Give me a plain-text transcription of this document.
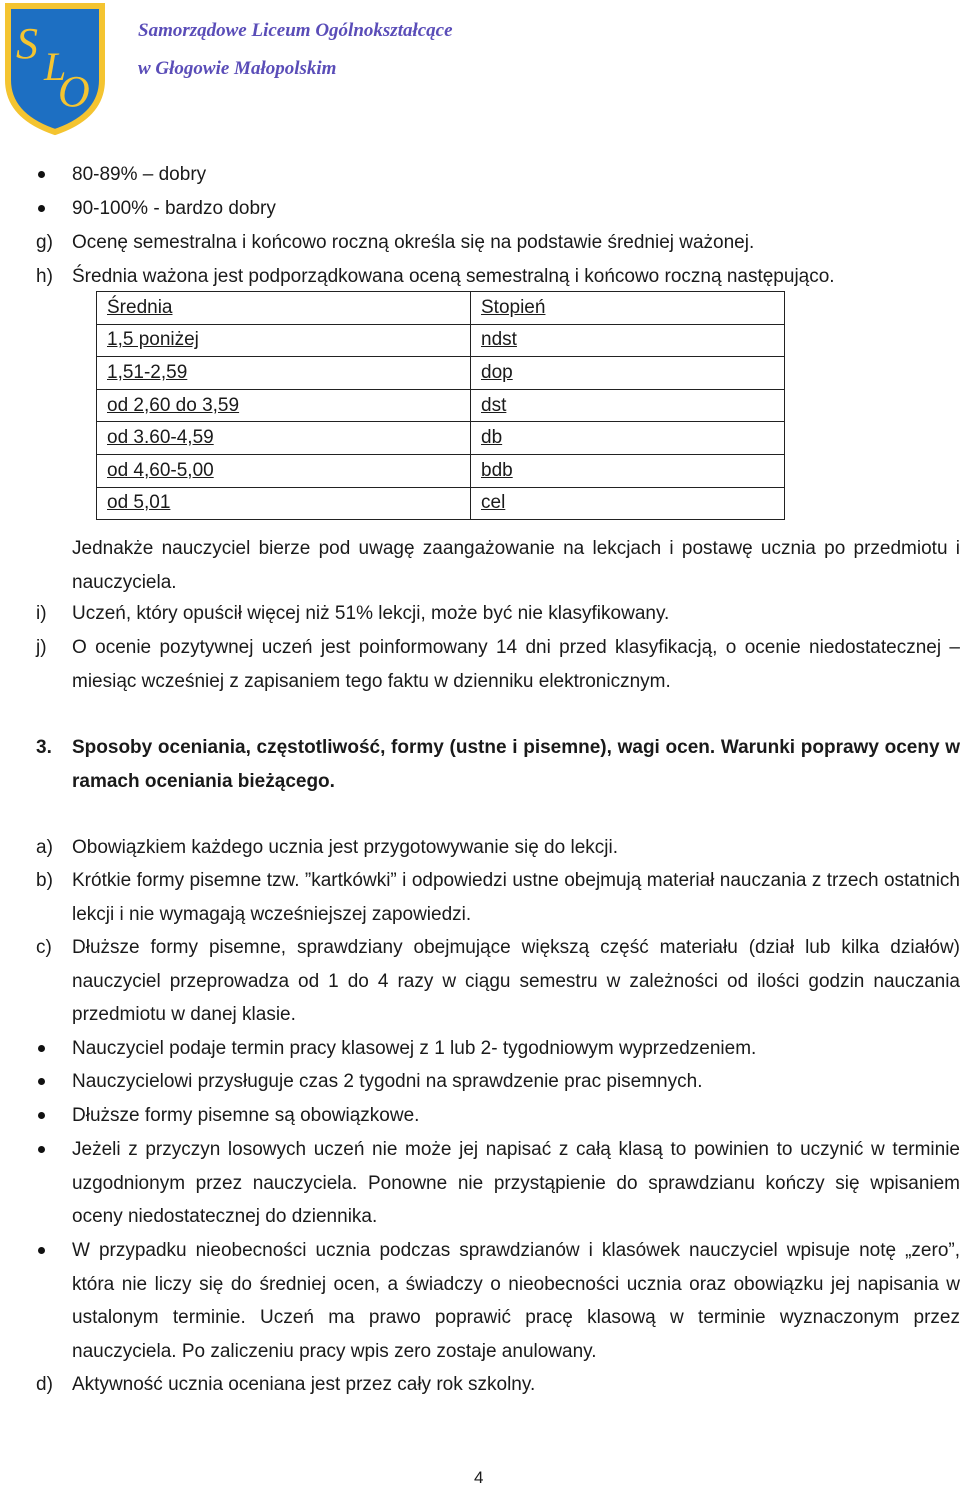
S L
O
Samorządowe Liceum Ogólnokształcące
w Głogowie Małopolskim
80-89% – dobry
90-100% - bardzo dobry
g) Ocenę semestralna i końcowo roczną określa się na podstawie średniej ważonej.
h) Średnia ważona jest podporządkowana oceną semestralną i końcowo roczną następująco.
Średnia	Stopień
1,5 poniżej	ndst
1,51-2,59	dop
od 2,60 do 3,59	dst
od 3.60-4,59	db
od 4,60-5,00	bdb
od 5,01	cel
Jednakże nauczyciel bierze pod uwagę zaangażowanie na lekcjach i postawę ucznia po przedmiotu i nauczyciela.
i) Uczeń, który opuścił więcej niż 51% lekcji, może być nie klasyfikowany.
j) O ocenie pozytywnej uczeń jest poinformowany 14 dni przed klasyfikacją, o ocenie niedostatecznej – miesiąc wcześniej z zapisaniem tego faktu w dzienniku elektronicznym.
3. Sposoby oceniania, częstotliwość, formy (ustne i pisemne), wagi ocen. Warunki poprawy oceny w ramach oceniania bieżącego.
a) Obowiązkiem każdego ucznia jest przygotowywanie się do lekcji.
b) Krótkie formy pisemne tzw. ”kartkówki” i odpowiedzi ustne obejmują materiał nauczania z trzech ostatnich lekcji i nie wymagają wcześniejszej zapowiedzi.
c) Dłuższe formy pisemne, sprawdziany obejmujące większą część materiału (dział lub kilka działów) nauczyciel przeprowadza od 1 do 4 razy w ciągu semestru w zależności od ilości godzin nauczania przedmiotu w danej klasie.
Nauczyciel podaje termin pracy klasowej z 1 lub 2- tygodniowym wyprzedzeniem.
Nauczycielowi przysługuje czas 2 tygodni na sprawdzenie prac pisemnych.
Dłuższe formy pisemne są obowiązkowe.
Jeżeli z przyczyn losowych uczeń nie może jej napisać z całą klasą to powinien to uczynić w terminie uzgodnionym przez nauczyciela. Ponowne nie przystąpienie do sprawdzianu kończy się wpisaniem oceny niedostatecznej do dziennika.
W przypadku nieobecności ucznia podczas sprawdzianów i klasówek nauczyciel wpisuje notę „zero”, która nie liczy się do średniej ocen, a świadczy o nieobecności ucznia oraz obowiązku jej napisania w ustalonym terminie. Uczeń ma prawo poprawić pracę klasową w terminie wyznaczonym przez nauczyciela. Po zaliczeniu pracy wpis zero zostaje anulowany.
d) Aktywność ucznia oceniana jest przez cały rok szkolny.
4
